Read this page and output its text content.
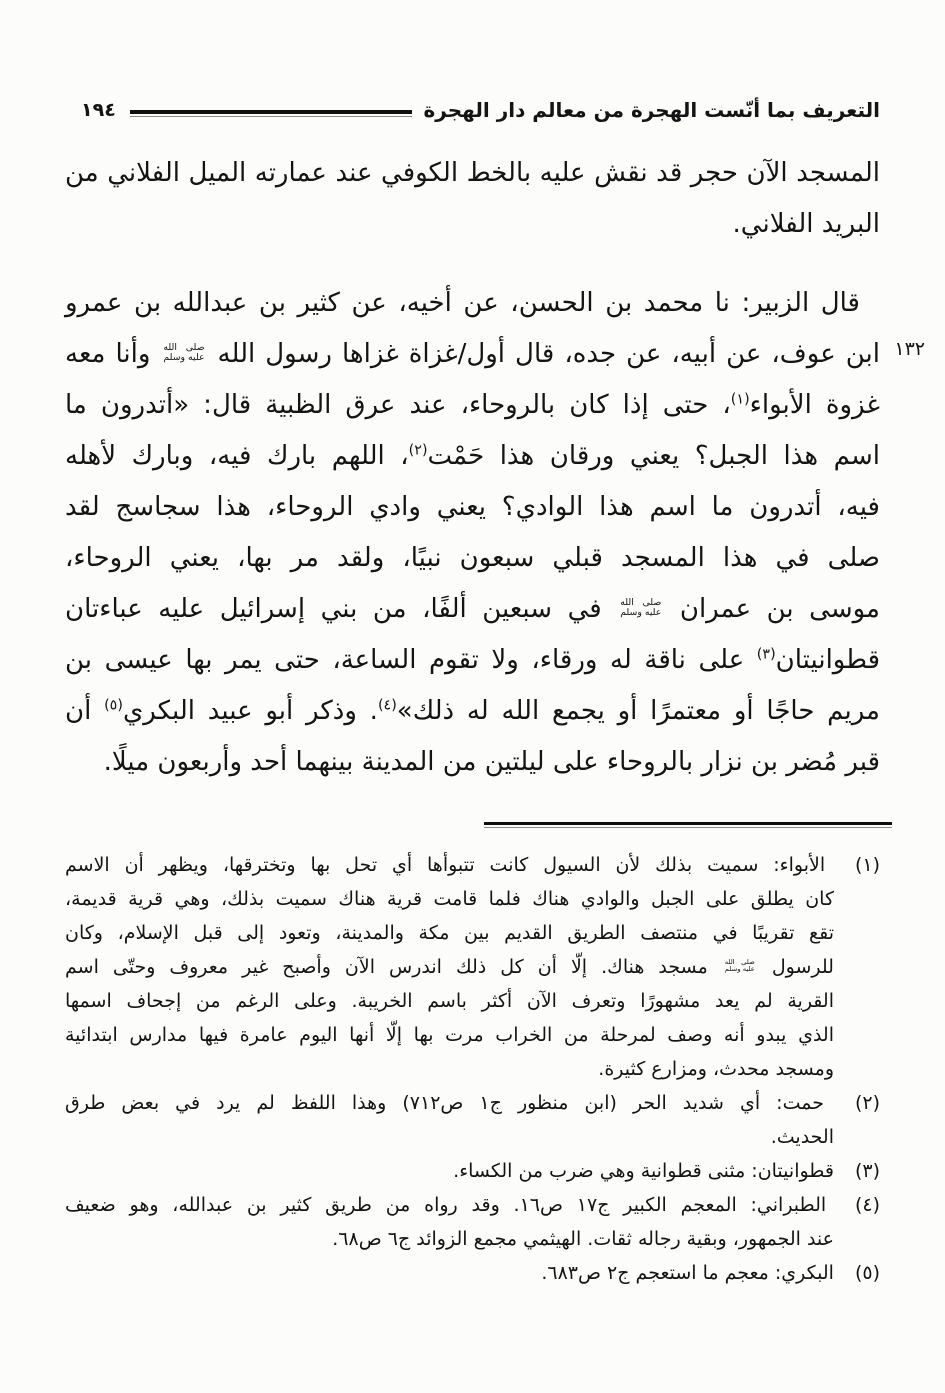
التعريف بما أنّست الهجرة من معالم دار الهجرة
١٩٤
١٣٢
المسجد الآن حجر قد نقش عليه بالخط الكوفي عند عمارته الميل الفلاني من
البريد الفلاني.
قال الزبير: نا محمد بن الحسن، عن أخيه، عن كثير بن عبدالله بن عمرو
ابن عوف، عن أبيه، عن جده، قال أول/غزاة غزاها رسول الله صلى الله
عليه وسلم وأنا معه
غزوة الأبواء$^{(١)}$، حتى إذا كان بالروحاء، عند عرق الظبية قال: «أتدرون ما
اسم هذا الجبل؟ يعني ورقان هذا حَمْت$^{(٢)}$، اللهم بارك فيه، وبارك لأهله
فيه، أتدرون ما اسم هذا الوادي؟ يعني وادي الروحاء، هذا سجاسج لقد
صلى في هذا المسجد قبلي سبعون نبيًا، ولقد مر بها، يعني الروحاء،
موسى بن عمران صلى الله
عليه وسلم في سبعين ألفًا، من بني إسرائيل عليه عباءتان
قطوانيتان$^{(٣)}$ على ناقة له ورقاء، ولا تقوم الساعة، حتى يمر بها عيسى بن
مريم حاجًا أو معتمرًا أو يجمع الله له ذلك»$^{(٤)}$. وذكر أبو عبيد البكري$^{(٥)}$ أن
قبر مُضر بن نزار بالروحاء على ليلتين من المدينة بينهما أحد وأربعون ميلًا.
(١) الأبواء: سميت بذلك لأن السيول كانت تتبوأها أي تحل بها وتخترقها، ويظهر أن الاسم
كان يطلق على الجبل والوادي هناك فلما قامت قرية هناك سميت بذلك، وهي قرية قديمة،
تقع تقريبًا في منتصف الطريق القديم بين مكة والمدينة، وتعود إلى قبل الإسلام، وكان
للرسول صلى الله
عليه وسلم مسجد هناك. إلّا أن كل ذلك اندرس الآن وأصبح غير معروف وحتّى اسم
القرية لم يعد مشهورًا وتعرف الآن أكثر باسم الخريبة. وعلى الرغم من إجحاف اسمها
الذي يبدو أنه وصف لمرحلة من الخراب مرت بها إلّا أنها اليوم عامرة فيها مدارس ابتدائية
ومسجد محدث، ومزارع كثيرة.
(٢) حمت: أي شديد الحر (ابن منظور ج١ ص٧١٢) وهذا اللفظ لم يرد في بعض طرق
الحديث.
(٣) قطوانيتان: مثنى قطوانية وهي ضرب من الكساء.
(٤) الطبراني: المعجم الكبير ج١٧ ص١٦. وقد رواه من طريق كثير بن عبدالله، وهو ضعيف
عند الجمهور، وبقية رجاله ثقات. الهيثمي مجمع الزوائد ج٦ ص٦٨.
(٥) البكري: معجم ما استعجم ج٢ ص٦٨٣.
